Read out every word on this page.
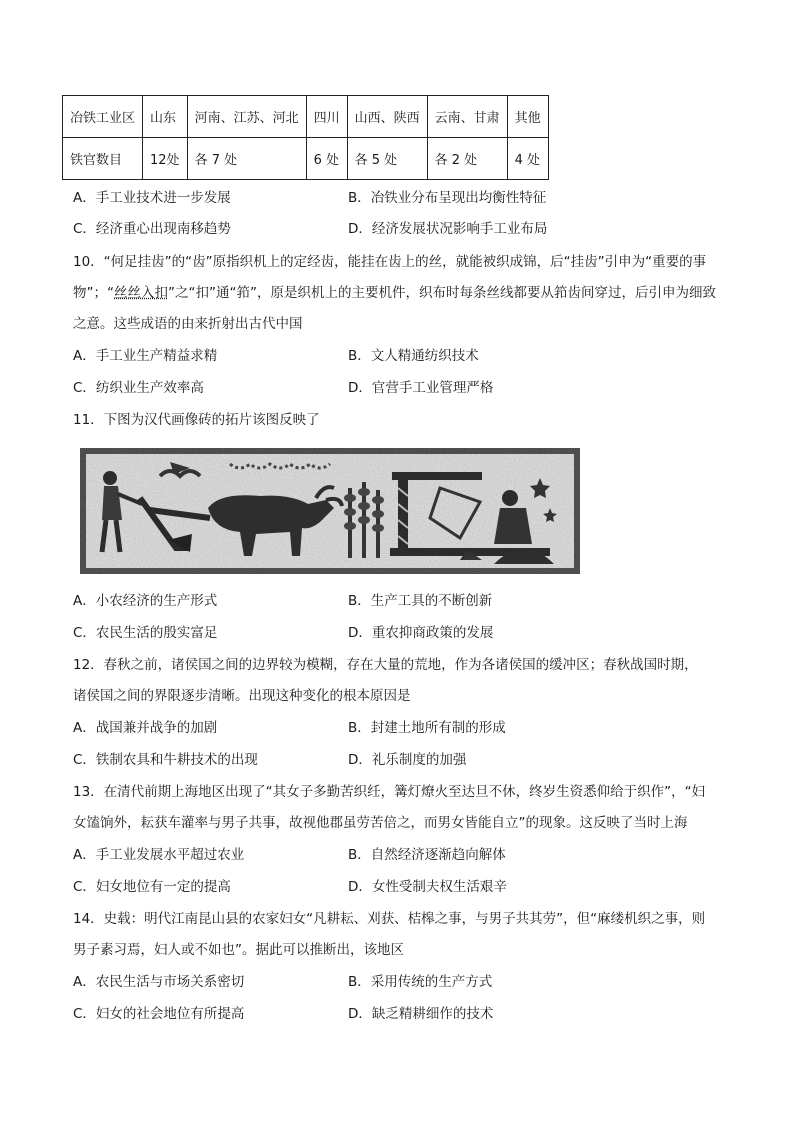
冶铁工业区	山东	河南、江苏、河北	四川	山西、陕西	云南、甘肃	其他
铁官数目	12处	各 7 处	6 处	各 5 处	各 2 处	4 处
A．手工业技术进一步发展	B．冶铁业分布呈现出均衡性特征
C．经济重心出现南移趋势	D．经济发展状况影响手工业布局
10．“何足挂齿”的“齿”原指织机上的定经齿，能挂在齿上的丝，就能被织成锦，后“挂齿”引申为“重要的事
物”；“丝丝入扣”之“扣”通“筘”，原是织机上的主要机件，织布时每条丝线都要从筘齿间穿过，后引申为细致
之意。这些成语的由来折射出古代中国
A．手工业生产精益求精	B．文人精通纺织技术
C．纺织业生产效率高	D．官营手工业管理严格
11．下图为汉代画像砖的拓片该图反映了
A．小农经济的生产形式	B．生产工具的不断创新
C．农民生活的殷实富足	D．重农抑商政策的发展
12．春秋之前，诸侯国之间的边界较为模糊，存在大量的荒地，作为各诸侯国的缓冲区；春秋战国时期，
诸侯国之间的界限逐步清晰。出现这种变化的根本原因是
A．战国兼并战争的加剧	B．封建土地所有制的形成
C．铁制农具和牛耕技术的出现	D．礼乐制度的加强
13．在清代前期上海地区出现了“其女子多勤苦织纴，篝灯燎火至达旦不休，终岁生资悉仰给于织作”，“妇
女馌饷外，耘获车灌率与男子共事，故视他郡虽劳苦倍之，而男女皆能自立”的现象。这反映了当时上海
A．手工业发展水平超过农业	B．自然经济逐渐趋向解体
C．妇女地位有一定的提高	D．女性受制夫权生活艰辛
14．史载：明代江南昆山县的农家妇女“凡耕耘、刈获、桔槔之事，与男子共其劳”，但“麻缕机织之事，则
男子素习焉，妇人或不如也”。据此可以推断出，该地区
A．农民生活与市场关系密切	B．采用传统的生产方式
C．妇女的社会地位有所提高	D．缺乏精耕细作的技术
